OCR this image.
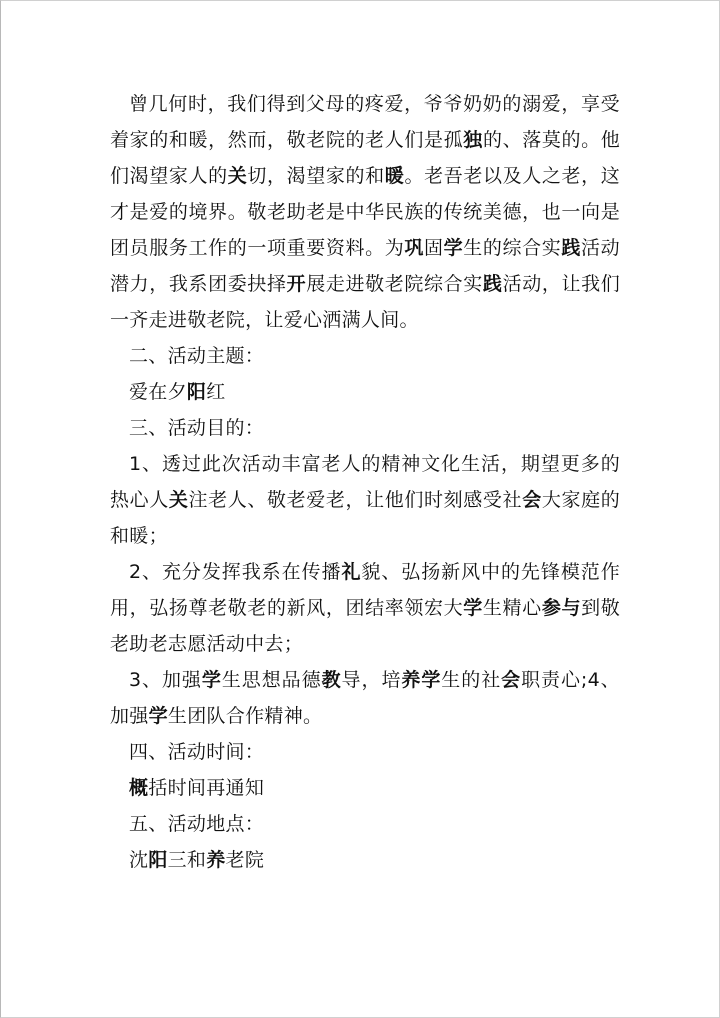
曾几何时，我们得到父母的疼爱，爷爷奶奶的溺爱，享受着家的和暖，然而，敬老院的老人们是孤独的、落莫的。他们渴望家人的关切，渴望家的和暖。老吾老以及人之老，这才是爱的境界。敬老助老是中华民族的传统美德，也一向是团员服务工作的一项重要资料。为巩固学生的综合实践活动潜力，我系团委抉择开展走进敬老院综合实践活动，让我们一齐走进敬老院，让爱心洒满人间。

二、活动主题：

爱在夕阳红

三、活动目的：

1、透过此次活动丰富老人的精神文化生活，期望更多的热心人关注老人、敬老爱老，让他们时刻感受社会大家庭的和暖；

2、充分发挥我系在传播礼貌、弘扬新风中的先锋模范作用，弘扬尊老敬老的新风，团结率领宏大学生精心参与到敬老助老志愿活动中去；

3、加强学生思想品德教导，培养学生的社会职责心;4、加强学生团队合作精神。

四、活动时间：

概括时间再通知

五、活动地点：

沈阳三和养老院
